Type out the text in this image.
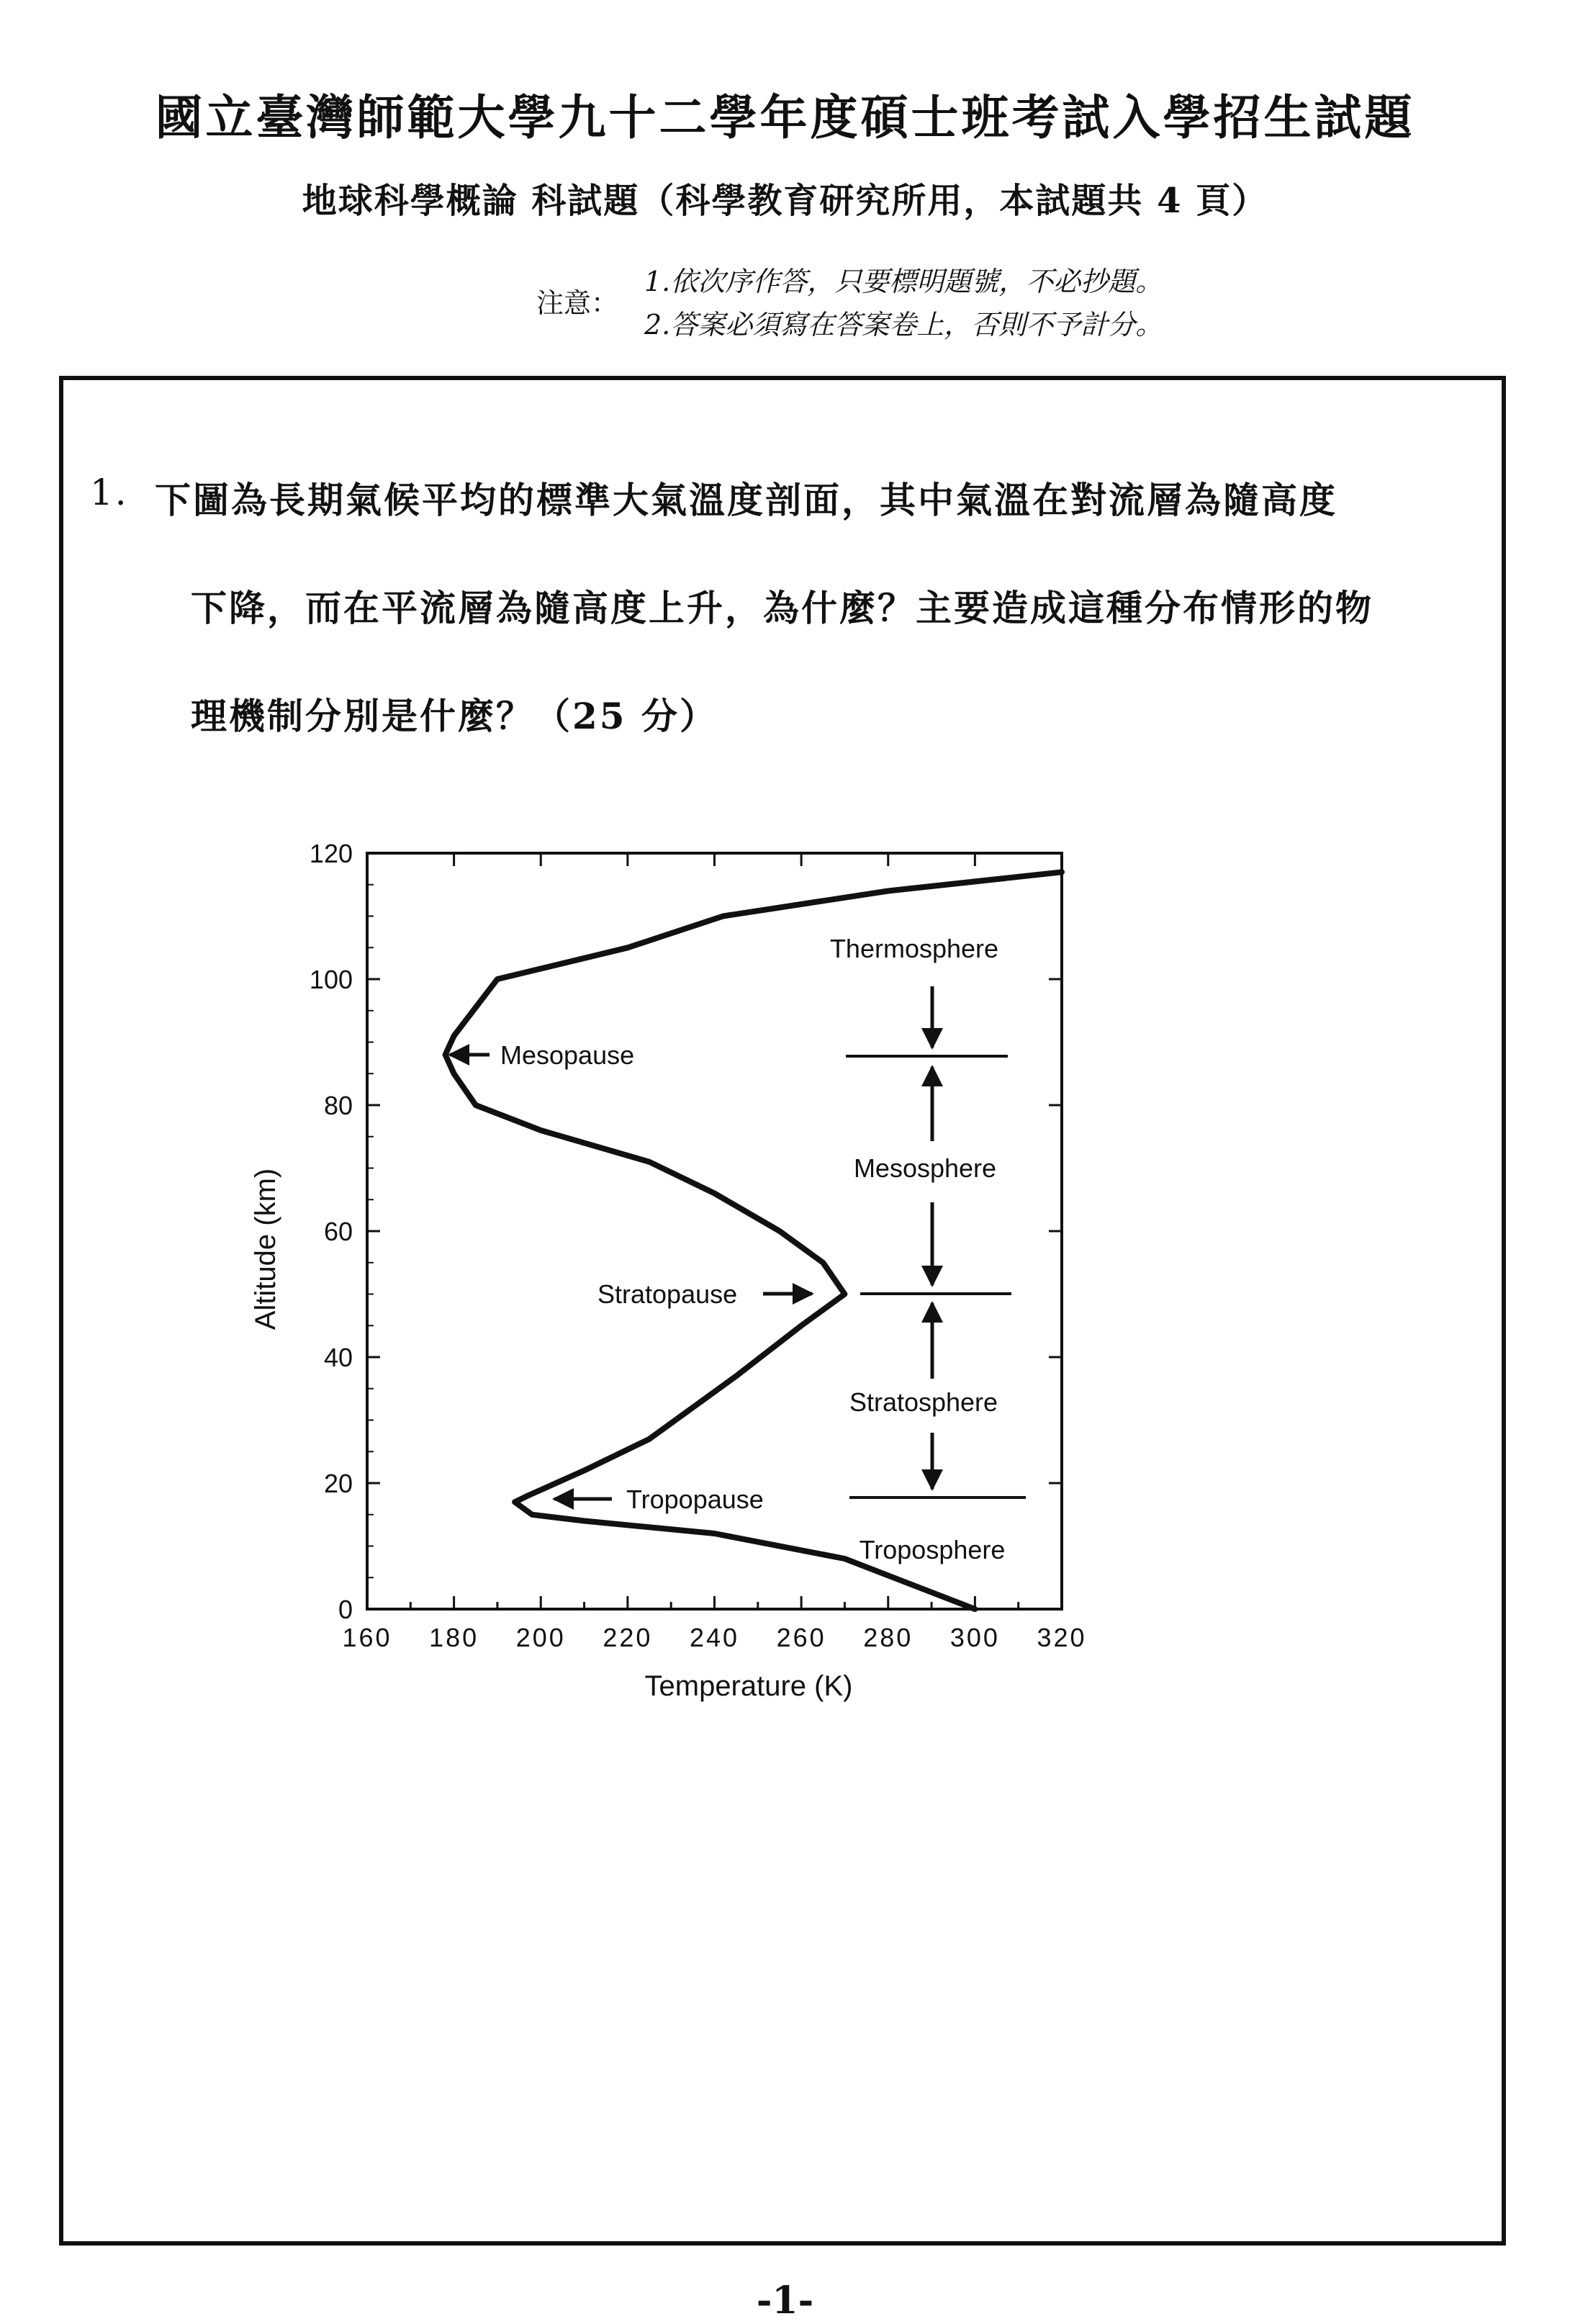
國立臺灣師範大學九十二學年度碩士班考試入學招生試題
地球科學概論 科試題（科學教育研究所用，本試題共 4 頁）
注意：
1.依次序作答，只要標明題號，不必抄題。
2.答案必須寫在答案卷上，否則不予計分。
1. 下圖為長期氣候平均的標準大氣溫度剖面，其中氣溫在對流層為隨高度
下降，而在平流層為隨高度上升，為什麼？主要造成這種分布情形的物
理機制分別是什麼？（25 分）
160 180 200 220 240 260 280 300 320
0
20
40
60
80
100
120
Temperature (K)
Altitude (km)
Mesopause
Stratopause
Tropopause
Thermosphere
Mesosphere
Stratosphere
Troposphere
-1-
